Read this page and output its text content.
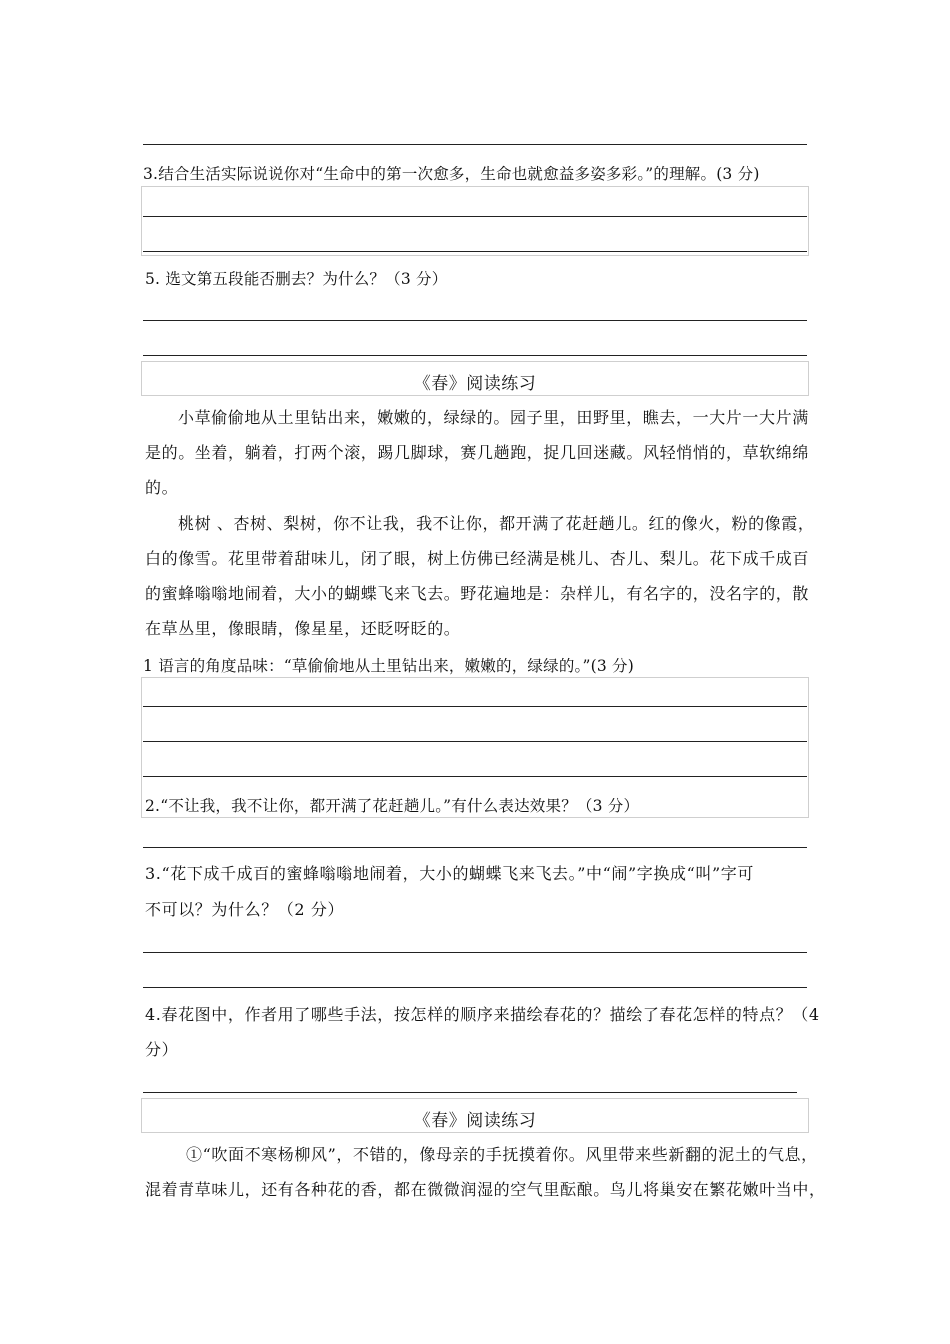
3.结合生活实际说说你对“生命中的第一次愈多，生命也就愈益多姿多彩。”的理解。(3 分)
5. 选文第五段能否删去？为什么？（3 分）
《春》阅读练习
小草偷偷地从土里钻出来，嫩嫩的，绿绿的。园子里，田野里，瞧去，一大片一大片满
是的。坐着，躺着，打两个滚，踢几脚球，赛几趟跑，捉几回迷藏。风轻悄悄的，草软绵绵
的。
桃树 、杏树、梨树，你不让我，我不让你，都开满了花赶趟儿。红的像火，粉的像霞，
白的像雪。花里带着甜味儿，闭了眼，树上仿佛已经满是桃儿、杏儿、梨儿。花下成千成百
的蜜蜂嗡嗡地闹着，大小的蝴蝶飞来飞去。野花遍地是：杂样儿，有名字的，没名字的，散
在草丛里，像眼睛，像星星，还眨呀眨的。
1 语言的角度品味：“草偷偷地从土里钻出来，嫩嫩的，绿绿的。”(3 分)
2.“不让我，我不让你，都开满了花赶趟儿。”有什么表达效果？（3 分）
3.“花下成千成百的蜜蜂嗡嗡地闹着，大小的蝴蝶飞来飞去。”中“闹”字换成“叫”字可
不可以？为什么？（2 分）
4.春花图中，作者用了哪些手法，按怎样的顺序来描绘春花的？描绘了春花怎样的特点？（4
分）
《春》阅读练习
①“吹面不寒杨柳风”，不错的，像母亲的手抚摸着你。风里带来些新翻的泥土的气息，
混着青草味儿，还有各种花的香，都在微微润湿的空气里酝酿。鸟儿将巢安在繁花嫩叶当中，
